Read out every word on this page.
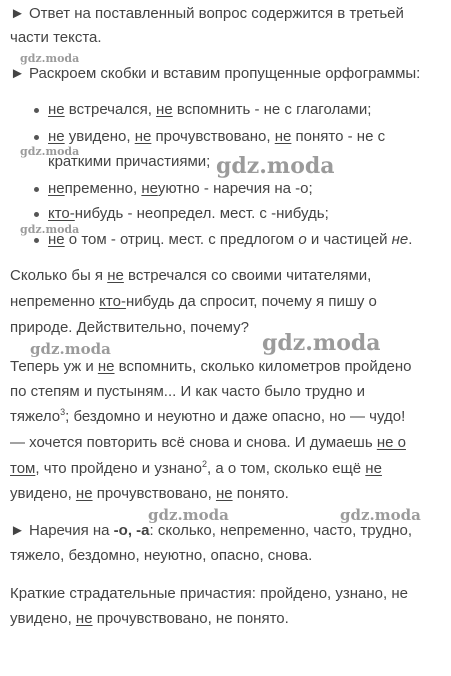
► Ответ на поставленный вопрос содержится в третьей

части текста.

gdz.moda

► Раскроем скобки и вставим пропущенные орфограммы:

не встречался, не вспомнить - не с глаголами;
не увидено, не прочувствовано, не понято - не с
gdz.moda
краткими причастиями; gdz.moda
непременно, неуютно - наречия на -о;
кто-нибудь - неопредел. мест. с -нибудь;
gdz.moda
не о том - отриц. мест. с предлогом о и частицей не.

Сколько бы я не встречался со своими читателями,

непременно кто-нибудь да спросит, почему я пишу о

природе. Действительно, почему?

gdz.moda	gdz.moda

Теперь уж и не вспомнить, сколько километров пройдено

по степям и пустыням... И как часто было трудно и

тяжело$^3$; бездомно и неуютно и даже опасно, но — чудо!

— хочется повторить всё снова и снова. И думаешь не о

том, что пройдено и узнано$^2$, а о том, сколько ещё не

увидено, не прочувствовано, не понято.

gdz.moda	gdz.moda

► Наречия на -о, -а: сколько, непременно, часто, трудно,

тяжело, бездомно, неуютно, опасно, снова.

Краткие страдательные причастия: пройдено, узнано, не

увидено, не прочувствовано, не понято.
